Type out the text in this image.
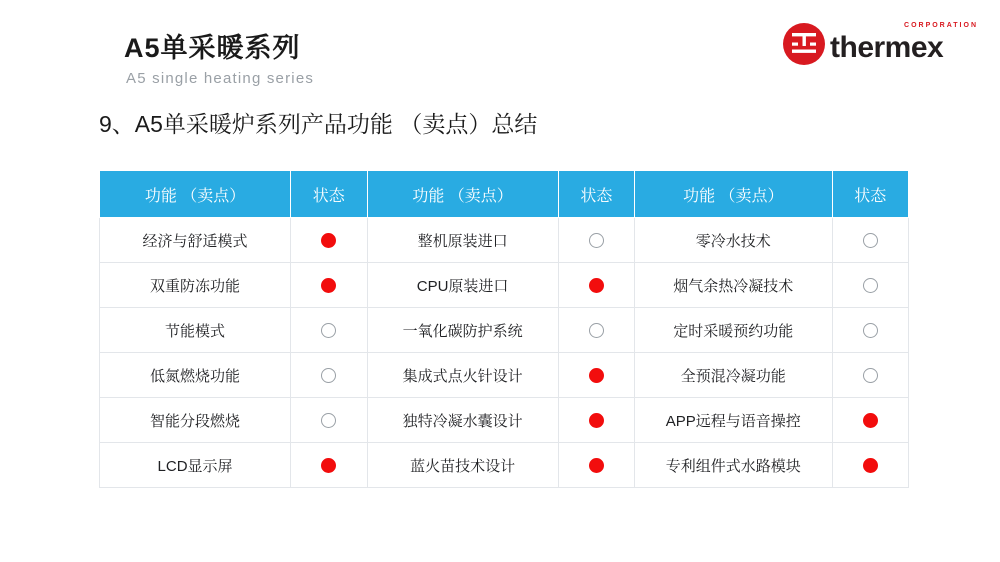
A5单采暖系列
A5 single heating series
9、A5单采暖炉系列产品功能 （卖点）总结
CORPORATION
thermex
功能 （卖点）	状态	功能 （卖点）	状态	功能 （卖点）	状态
经济与舒适模式		整机原装进口		零冷水技术	
双重防冻功能		CPU原装进口		烟气余热冷凝技术	
节能模式		一氧化碳防护系统		定时采暖预约功能	
低氮燃烧功能		集成式点火针设计		全预混冷凝功能	
智能分段燃烧		独特冷凝水囊设计		APP远程与语音操控	
LCD显示屏		蓝火苗技术设计		专利组件式水路模块	
